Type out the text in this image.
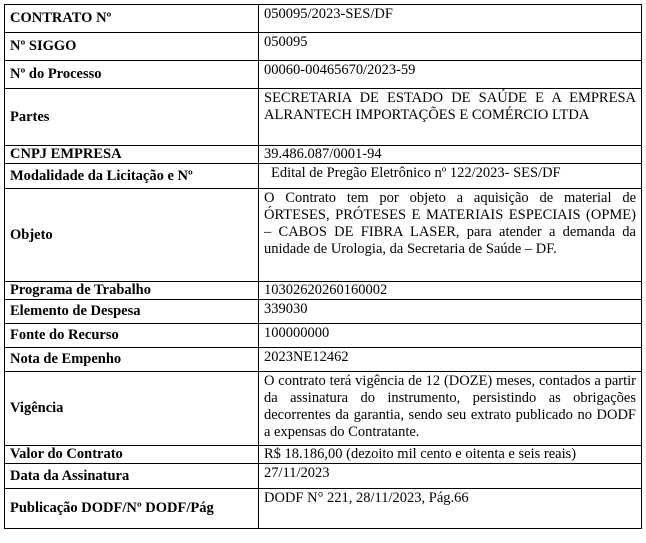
CONTRATO Nº	050095/2023-SES/DF
Nº SIGGO	050095
Nº do Processo	00060-00465670/2023-59
Partes	SECRETARIA DE ESTADO DE SAÚDE E A EMPRESA ALRANTECH IMPORTAÇÕES E COMÉRCIO LTDA
CNPJ EMPRESA	39.486.087/0001-94
Modalidade da Licitação e Nº	Edital de Pregão Eletrônico nº 122/2023- SES/DF
Objeto	O Contrato tem por objeto a aquisição de material de ÓRTESES, PRÓTESES E MATERIAIS ESPECIAIS (OPME) – CABOS DE FIBRA LASER, para atender a demanda da unidade de Urologia, da Secretaria de Saúde – DF.
Programa de Trabalho	10302620260160002
Elemento de Despesa	339030
Fonte do Recurso	100000000
Nota de Empenho	2023NE12462
Vigência	O contrato terá vigência de 12 (DOZE) meses, contados a partir da assinatura do instrumento, persistindo as obrigações decorrentes da garantia, sendo seu extrato publicado no DODF a expensas do Contratante.
Valor do Contrato	R$ 18.186,00 (dezoito mil cento e oitenta e seis reais)
Data da Assinatura	27/11/2023
Publicação DODF/Nº DODF/Pág	DODF N° 221, 28/11/2023, Pág.66
